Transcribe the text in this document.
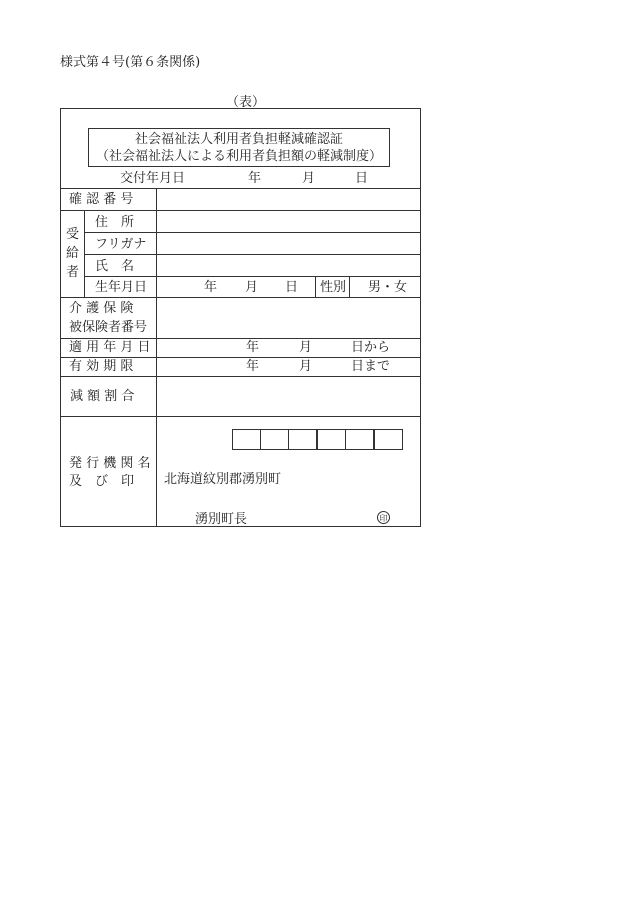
様式第４号(第６条関係)
（表）
社会福祉法人利用者負担軽減確認証
（社会福祉法人による利用者負担額の軽減制度）
交付年月日	年	月	日
確 認 番 号
受
給
者
住　所
フリガナ
氏　名
生年月日	年 月 日 性別 男・女
介 護 保 険
被保険者番号
適 用 年 月 日	年	月	日から
有 効 期 限	年	月	日まで
減 額 割 合
発 行 機 関 名
及　び　印 北海道紋別郡湧別町
湧別町長	印
